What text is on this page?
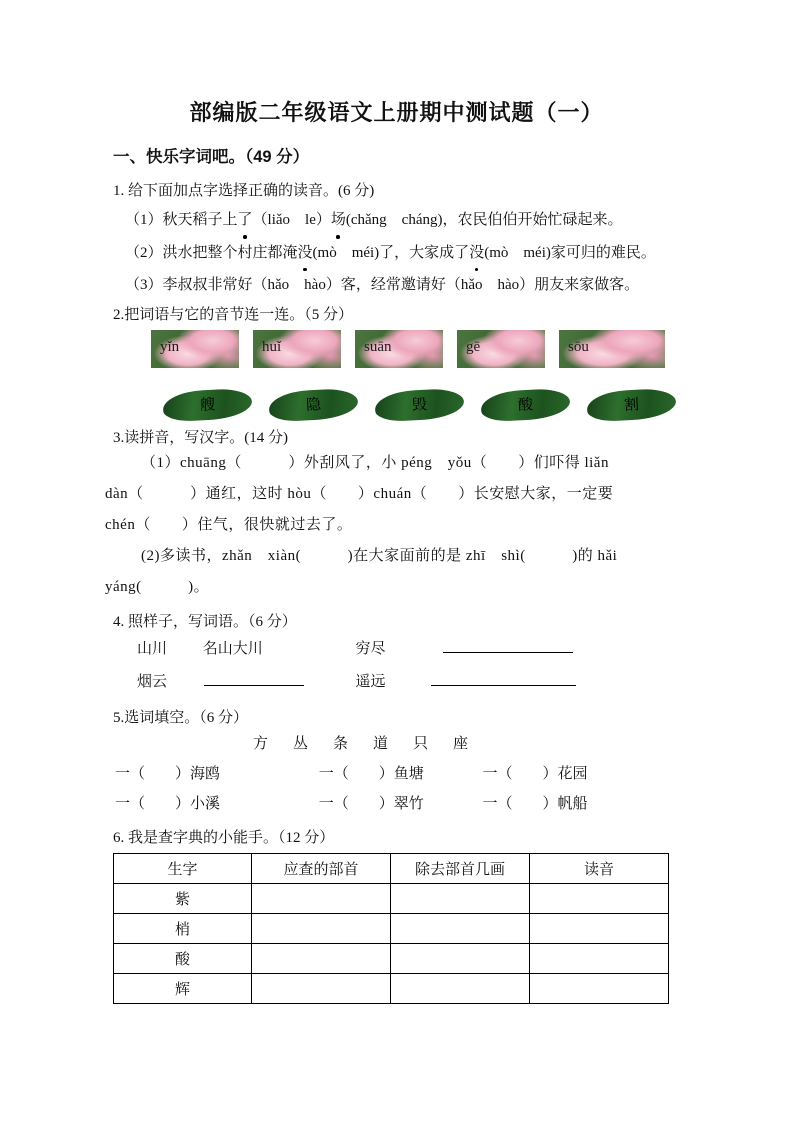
部编版二年级语文上册期中测试题（一）
一、快乐字词吧。（49 分）
1. 给下面加点字选择正确的读音。(6 分)
（1）秋天稻子上了（liǎo　le）场(chǎng　cháng)，农民伯伯开始忙碌起来。
（2）洪水把整个村庄都淹没(mò　méi)了，大家成了没(mò　méi)家可归的难民。
（3）李叔叔非常好（hǎo　hào）客，经常邀请好（hǎo　hào）朋友来家做客。
2.把词语与它的音节连一连。（5 分）
yǐn	huǐ	suān	gē	sōu
艘	隐	毁	酸	割
3.读拼音，写汉字。(14 分)
（1）chuāng（　　　）外刮风了，小 péng　yǒu（　　）们吓得 liǎn
dàn（　　　）通红，这时 hòu（　　）chuán（　　）长安慰大家，一定要
chén（　　）住气，很快就过去了。
(2)多读书，zhǎn　xiàn(　　　)在大家面前的是 zhī　shì(　　　)的 hǎi
yáng(　　　)。
4. 照样子，写词语。（6 分）
山川 名山大川	穷尽
烟云	遥远
5.选词填空。（6 分）
方　丛　条　道　只　座
一（　　）海鸥	一（　　）鱼塘	一（　　）花园
一（　　）小溪	一（　　）翠竹	一（　　）帆船
6. 我是查字典的小能手。（12 分）
生字	应查的部首	除去部首几画	读音
紫			
梢			
酸			
辉			
